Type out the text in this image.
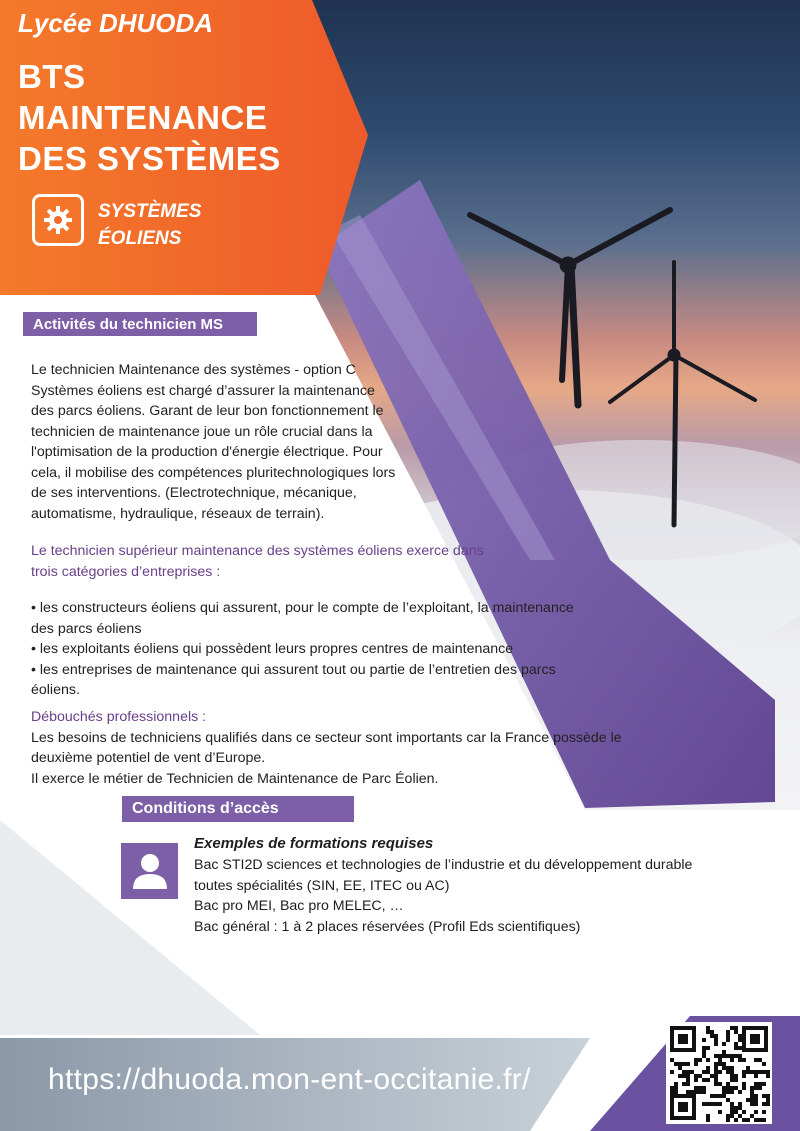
Lycée DHUODA
BTS
MAINTENANCE
DES SYSTÈMES
SYSTÈMES
ÉOLIENS
Activités du technicien MS
Le technicien Maintenance des systèmes - option C Systèmes éoliens est chargé d’assurer la maintenance des parcs éoliens. Garant de leur bon fonctionnement le technicien de maintenance joue un rôle crucial dans la l'optimisation de la production d'énergie électrique. Pour cela, il mobilise des compétences pluritechnologiques lors de ses interventions. (Electrotechnique, mécanique, automatisme, hydraulique, réseaux de terrain).
Le technicien supérieur maintenance des systèmes éoliens exerce dans trois catégories d’entreprises :
• les constructeurs éoliens qui assurent, pour le compte de l’exploitant, la maintenance des parcs éoliens
• les exploitants éoliens qui possèdent leurs propres centres de maintenance
• les entreprises de maintenance qui assurent tout ou partie de l’entretien des parcs éoliens.
Débouchés professionnels :
Les besoins de techniciens qualifiés dans ce secteur sont importants car la France possède le deuxième potentiel de vent d’Europe.
Il exerce le métier de Technicien de Maintenance de Parc Éolien.
Conditions d’accès
Exemples de formations requises
Bac STI2D sciences et technologies de l’industrie et du développement durable toutes spécialités (SIN, EE, ITEC ou AC)
Bac pro MEI, Bac pro MELEC, …
Bac général : 1 à 2 places réservées (Profil Eds scientifiques)
https://dhuoda.mon-ent-occitanie.fr/
